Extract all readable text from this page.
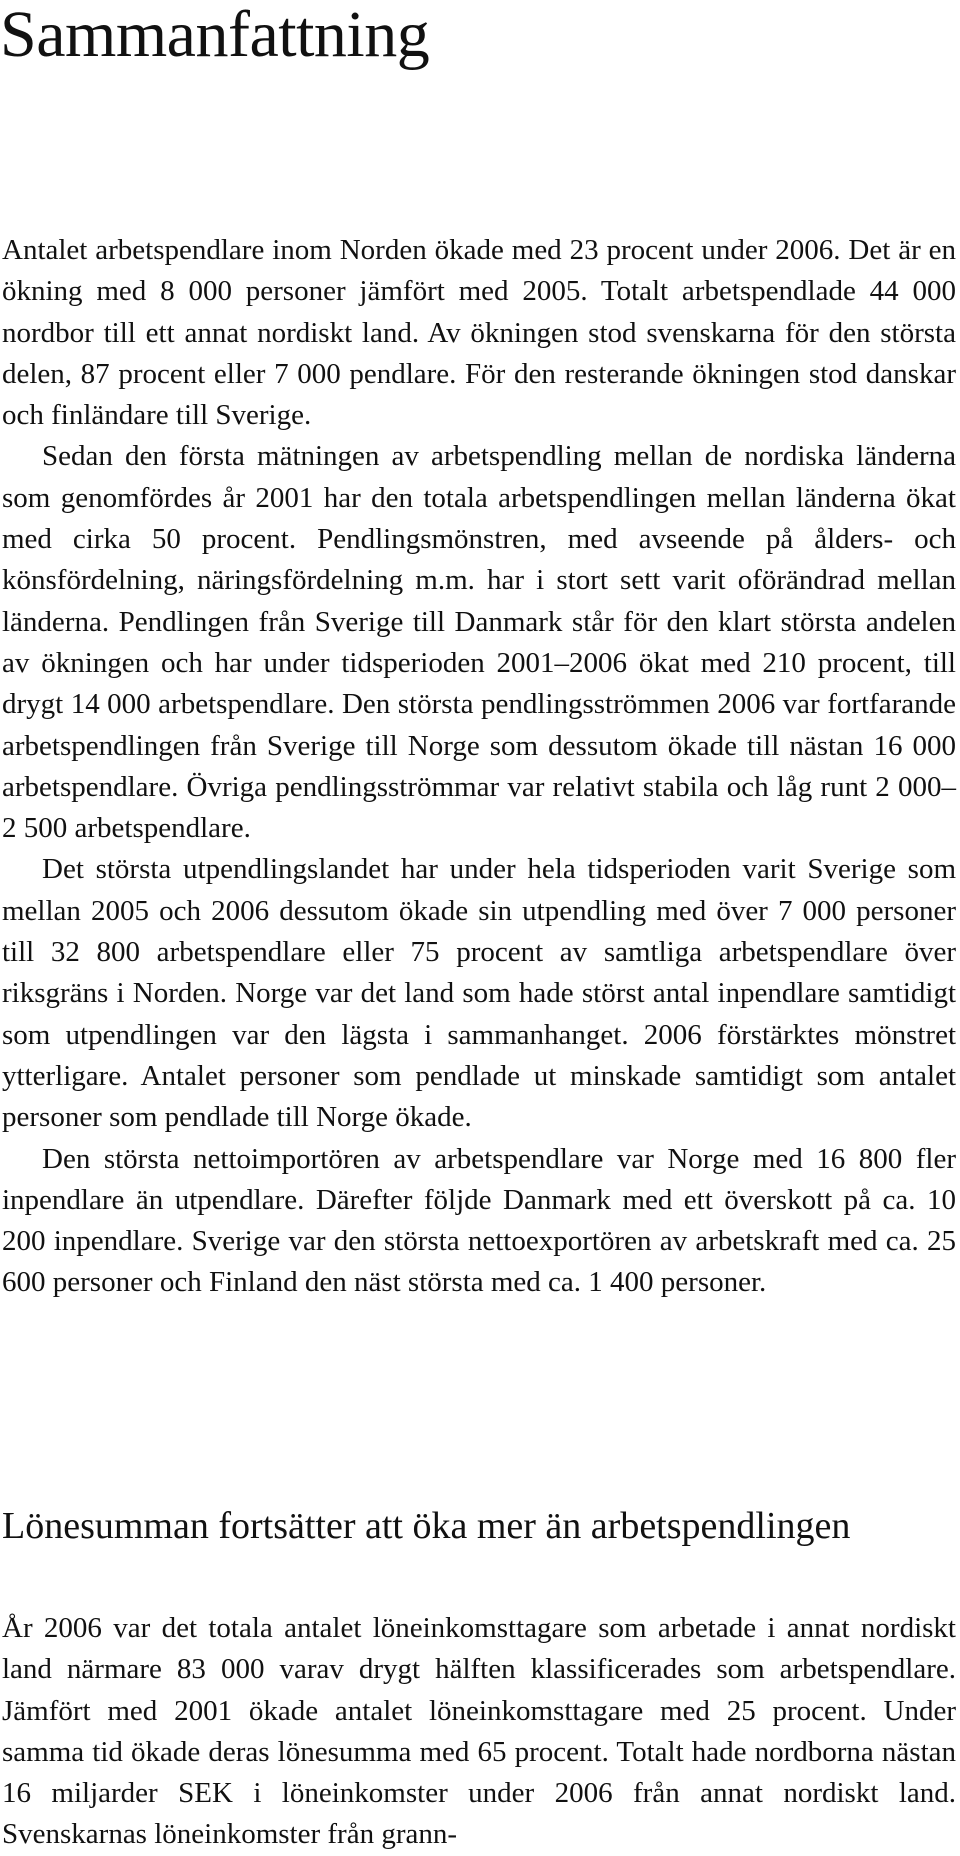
Sammanfattning

Antalet arbetspendlare inom Norden ökade med 23 procent under 2006. Det är en ökning med 8 000 personer jämfört med 2005. Totalt arbetspendlade 44 000 nordbor till ett annat nordiskt land. Av ökningen stod svenskarna för den största delen, 87 procent eller 7 000 pendlare. För den resterande ökningen stod danskar och finländare till Sverige.

Sedan den första mätningen av arbetspendling mellan de nordiska länderna som genomfördes år 2001 har den totala arbetspendlingen mellan länderna ökat med cirka 50 procent. Pendlingsmönstren, med avseende på ålders- och könsfördelning, näringsfördelning m.m. har i stort sett varit oförändrad mellan länderna. Pendlingen från Sverige till Danmark står för den klart största andelen av ökningen och har under tidsperioden 2001–2006 ökat med 210 procent, till drygt 14 000 arbetspendlare. Den största pendlingsströmmen 2006 var fortfarande arbetspendlingen från Sverige till Norge som dessutom ökade till nästan 16 000 arbetspendlare. Övriga pendlingsströmmar var relativt stabila och låg runt 2 000–2 500 arbetspendlare.

Det största utpendlingslandet har under hela tidsperioden varit Sverige som mellan 2005 och 2006 dessutom ökade sin utpendling med över 7 000 personer till 32 800 arbetspendlare eller 75 procent av samtliga arbetspendlare över riksgräns i Norden. Norge var det land som hade störst antal inpendlare samtidigt som utpendlingen var den lägsta i sammanhanget. 2006 förstärktes mönstret ytterligare. Antalet personer som pendlade ut minskade samtidigt som antalet personer som pendlade till Norge ökade.

Den största nettoimportören av arbetspendlare var Norge med 16 800 fler inpendlare än utpendlare. Därefter följde Danmark med ett överskott på ca. 10 200 inpendlare. Sverige var den största nettoexportören av arbetskraft med ca. 25 600 personer och Finland den näst största med ca. 1 400 personer.

Lönesumman fortsätter att öka mer än arbetspendlingen

År 2006 var det totala antalet löneinkomsttagare som arbetade i annat nordiskt land närmare 83 000 varav drygt hälften klassificerades som arbetspendlare. Jämfört med 2001 ökade antalet löneinkomsttagare med 25 procent. Under samma tid ökade deras lönesumma med 65 procent. Totalt hade nordborna nästan 16 miljarder SEK i löneinkomster under 2006 från annat nordiskt land. Svenskarnas löneinkomster från grann-
